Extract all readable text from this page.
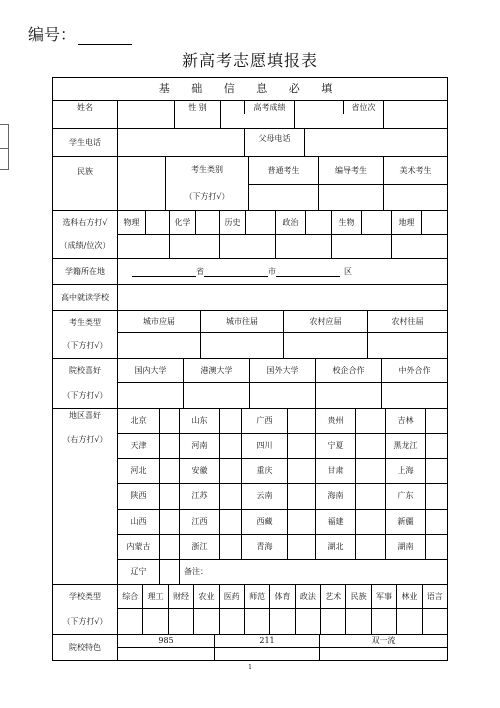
编号：
新高考志愿填报表
基 础 信 息 必 填
姓名	性 别	高考成绩	省位次
学生电话	父母电话
民族	考生类别
（下方打√）
普通考生	编导考生	美术考生
选科右方打√
（成绩/位次）
物理	化学	历史	政治	生物	地理
学籍所在地	省	市	区
高中就读学校
考生类型
（下方打√）
城市应届	城市往届	农村应届	农村往届
院校喜好
（下方打√）
国内大学	港澳大学	国外大学	校企合作	中外合作
地区喜好
（右方打√）
北京	山东	广西	贵州	吉林
天津	河南	四川	宁夏	黑龙江
河北	安徽	重庆	甘肃	上海
陕西	江苏	云南	海南	广东
山西	江西	西藏	福建	新疆
内蒙古	浙江	青海	湖北	湖南
辽宁	备注：
学校类型
（下方打√）
综合	理工	财经	农业	医药	师范	体育	政法	艺术	民族	军事	林业	语言
院校特色
985	211	双一流
1
